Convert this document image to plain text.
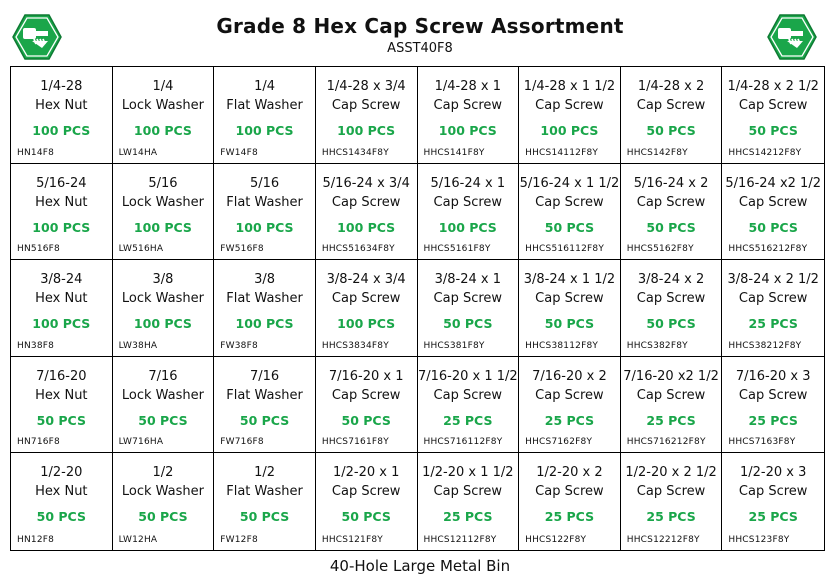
Grade 8 Hex Cap Screw Assortment
ASST40F8
1/4-28
Hex Nut
100 PCS
HN14F8
1/4
Lock Washer
100 PCS
LW14HA
1/4
Flat Washer
100 PCS
FW14F8
1/4-28 x 3/4
Cap Screw
100 PCS
HHCS1434F8Y
1/4-28 x 1
Cap Screw
100 PCS
HHCS141F8Y
1/4-28 x 1 1/2
Cap Screw
100 PCS
HHCS14112F8Y
1/4-28 x 2
Cap Screw
50 PCS
HHCS142F8Y
1/4-28 x 2 1/2
Cap Screw
50 PCS
HHCS14212F8Y
5/16-24
Hex Nut
100 PCS
HN516F8
5/16
Lock Washer
100 PCS
LW516HA
5/16
Flat Washer
100 PCS
FW516F8
5/16-24 x 3/4
Cap Screw
100 PCS
HHCS51634F8Y
5/16-24 x 1
Cap Screw
100 PCS
HHCS5161F8Y
5/16-24 x 1 1/2
Cap Screw
50 PCS
HHCS516112F8Y
5/16-24 x 2
Cap Screw
50 PCS
HHCS5162F8Y
5/16-24 x2 1/2
Cap Screw
50 PCS
HHCS516212F8Y
3/8-24
Hex Nut
100 PCS
HN38F8
3/8
Lock Washer
100 PCS
LW38HA
3/8
Flat Washer
100 PCS
FW38F8
3/8-24 x 3/4
Cap Screw
100 PCS
HHCS3834F8Y
3/8-24 x 1
Cap Screw
50 PCS
HHCS381F8Y
3/8-24 x 1 1/2
Cap Screw
50 PCS
HHCS38112F8Y
3/8-24 x 2
Cap Screw
50 PCS
HHCS382F8Y
3/8-24 x 2 1/2
Cap Screw
25 PCS
HHCS38212F8Y
7/16-20
Hex Nut
50 PCS
HN716F8
7/16
Lock Washer
50 PCS
LW716HA
7/16
Flat Washer
50 PCS
FW716F8
7/16-20 x 1
Cap Screw
50 PCS
HHCS7161F8Y
7/16-20 x 1 1/2
Cap Screw
25 PCS
HHCS716112F8Y
7/16-20 x 2
Cap Screw
25 PCS
HHCS7162F8Y
7/16-20 x2 1/2
Cap Screw
25 PCS
HHCS716212F8Y
7/16-20 x 3
Cap Screw
25 PCS
HHCS7163F8Y
1/2-20
Hex Nut
50 PCS
HN12F8
1/2
Lock Washer
50 PCS
LW12HA
1/2
Flat Washer
50 PCS
FW12F8
1/2-20 x 1
Cap Screw
50 PCS
HHCS121F8Y
1/2-20 x 1 1/2
Cap Screw
25 PCS
HHCS12112F8Y
1/2-20 x 2
Cap Screw
25 PCS
HHCS122F8Y
1/2-20 x 2 1/2
Cap Screw
25 PCS
HHCS12212F8Y
1/2-20 x 3
Cap Screw
25 PCS
HHCS123F8Y
40-Hole Large Metal Bin
